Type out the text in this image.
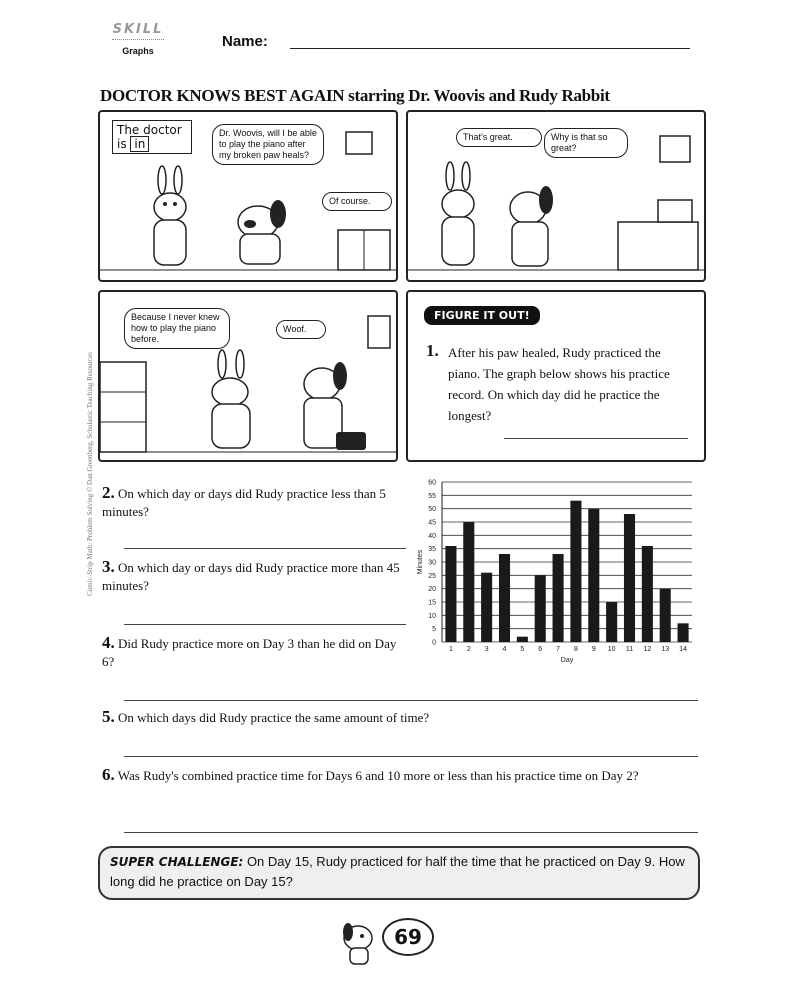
SKILL
Graphs
Name:
DOCTOR KNOWS BEST AGAIN starring Dr. Woovis and Rudy Rabbit
Comic-Strip Math: Problem Solving © Dan Greenberg, Scholastic Teaching Resources
The doctor is in
Dr. Woovis, will I be able to play the piano after my broken paw heals?
Of course.
That's great.	Why is that so great?
Because I never knew how to play the piano before.
Woof.
FIGURE IT OUT!
1. After his paw healed, Rudy practiced the piano. The graph below shows his practice record. On which day did he practice the longest?
2. On which day or days did Rudy practice less than 5 minutes?
3. On which day or days did Rudy practice more than 45 minutes?
4. Did Rudy practice more on Day 3 than he did on Day 6?
5. On which days did Rudy practice the same amount of time?
6. Was Rudy's combined practice time for Days 6 and 10 more or less than his practice time on Day 2?
0
5
10
15
20
25
30
35
40
45
50
55
60
1 2 3 4 5 6 7 8 9 10 11 12 13 14
Day
Minutes
SUPER CHALLENGE: On Day 15, Rudy practiced for half the time that he practiced on Day 9. How long did he practice on Day 15?
69
